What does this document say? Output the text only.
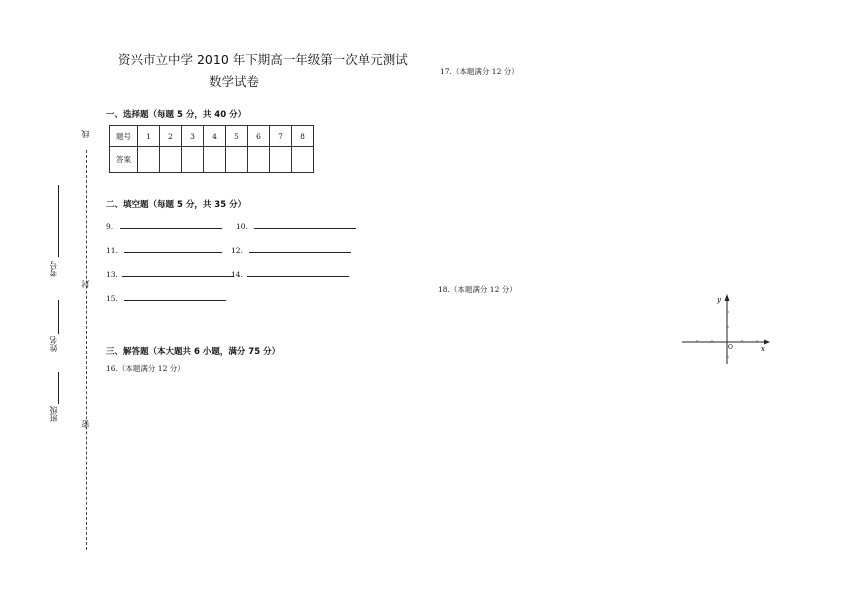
线
封
密
考号
姓名
班级
资兴市立中学 2010 年下期高一年级第一次单元测试
数学试卷
一、选择题（每题 5 分，共 40 分）
题号	1	2	3	4	5	6	7	8
答案								
二、填空题（每题 5 分，共 35 分）
9.	10.
11.	12.
13.	14.
15.
三、解答题（本大题共 6 小题，满分 75 分）
16.（本题满分 12 分）
17.（本题满分 12 分）
18.（本题满分 12 分）
x
y
O
